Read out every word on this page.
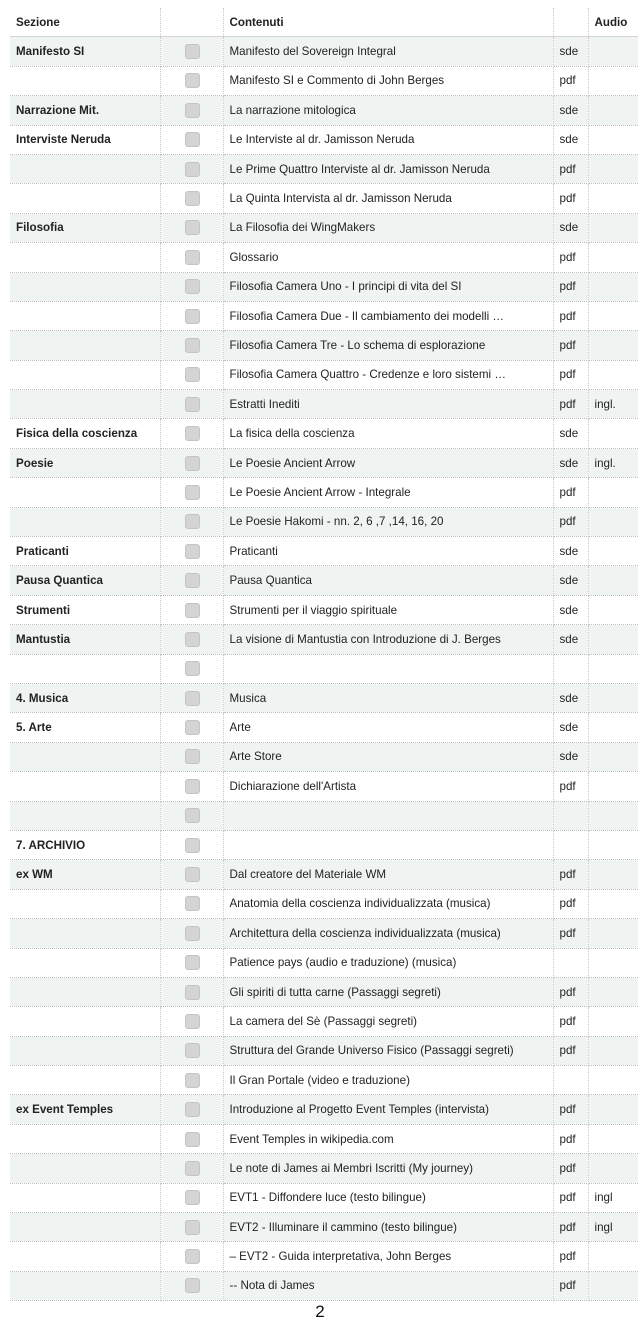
Sezione		Contenuti		Audio
Manifesto SI		Manifesto del Sovereign Integral	sde	
		Manifesto SI e Commento di John Berges	pdf	
Narrazione Mit.		La narrazione mitologica	sde	
Interviste Neruda		Le Interviste al dr. Jamisson Neruda	sde	
		Le Prime Quattro Interviste al dr. Jamisson Neruda	pdf	
		La Quinta Intervista al dr. Jamisson Neruda	pdf	
Filosofia		La Filosofia dei WingMakers	sde	
		Glossario	pdf	
		Filosofia Camera Uno - I principi di vita del SI	pdf	
		Filosofia Camera Due - Il cambiamento dei modelli …	pdf	
		Filosofia Camera Tre - Lo schema di esplorazione	pdf	
		Filosofia Camera Quattro - Credenze e loro sistemi …	pdf	
		Estratti Inediti	pdf	ingl.
Fisica della coscienza		La fisica della coscienza	sde	
Poesie		Le Poesie Ancient Arrow	sde	ingl.
		Le Poesie Ancient Arrow - Integrale	pdf	
		Le Poesie Hakomi - nn. 2, 6 ,7 ,14, 16, 20	pdf	
Praticanti		Praticanti	sde	
Pausa Quantica		Pausa Quantica	sde	
Strumenti		Strumenti per il viaggio spirituale	sde	
Mantustia		La visione di Mantustia con Introduzione di J. Berges	sde	

4. Musica		Musica	sde	
5. Arte		Arte	sde	
		Arte Store	sde	
		Dichiarazione dell'Artista	pdf	

7. ARCHIVIO				
ex WM		Dal creatore del Materiale WM	pdf	
		Anatomia della coscienza individualizzata (musica)	pdf	
		Architettura della coscienza individualizzata (musica)	pdf	
		Patience pays (audio e traduzione) (musica)		
		Gli spiriti di tutta carne (Passaggi segreti)	pdf	
		La camera del Sè (Passaggi segreti)	pdf	
		Struttura del Grande Universo Fisico (Passaggi segreti)	pdf	
		Il Gran Portale (video e traduzione)		
ex Event Temples		Introduzione al Progetto Event Temples (intervista)	pdf	
		Event Temples in wikipedia.com	pdf	
		Le note di James ai Membri Iscritti (My journey)	pdf	
		EVT1 - Diffondere luce (testo bilingue)	pdf	ingl
		EVT2 - Illuminare il cammino (testo bilingue)	pdf	ingl
		– EVT2 - Guida interpretativa, John Berges	pdf	
		-- Nota di James	pdf	
2
